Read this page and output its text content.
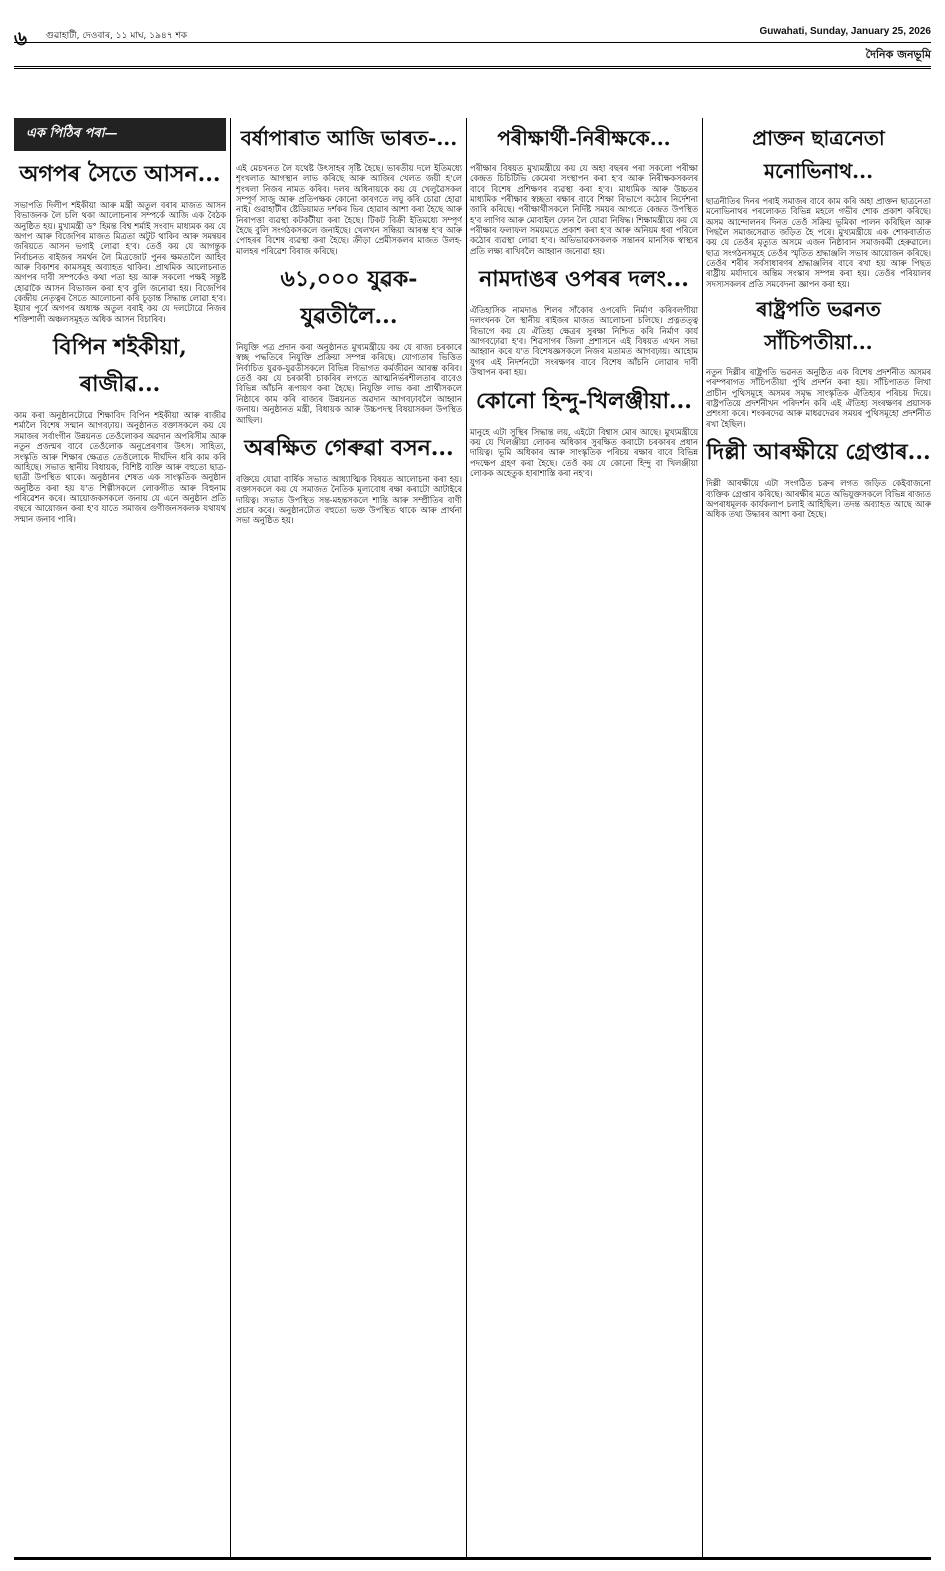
৬ গুৱাহাটী, দেওবাৰ, ১১ মাঘ, ১৯৪৭ শক	Guwahati, Sunday, January 25, 2026
দৈনিক জনভূমি
এক পিঠিৰ পৰা—
অগপৰ সৈতে আসন...

সভাপতি দিলীপ শইকীয়া আৰু মন্ত্ৰী অতুল বৰাৰ মাজত আসন বিভাজনক লৈ চলি থকা আলোচনাৰ সম্পৰ্কে আজি এক বৈঠক অনুষ্ঠিত হয়। মুখ্যমন্ত্ৰী ড° হিমন্ত বিশ্ব শৰ্মাই সংবাদ মাধ্যমক কয় যে অগপ আৰু বিজেপিৰ মাজত মিত্ৰতা অটুট থাকিব আৰু সমন্বয়ৰ জৰিয়তে আসন ভগাই লোৱা হ'ব। তেওঁ কয় যে আগন্তুক নিৰ্বাচনত ৰাইজৰ সমৰ্থন লৈ মিত্ৰজোট পুনৰ ক্ষমতালৈ আহিব আৰু বিকাশৰ কামসমূহ অব্যাহত থাকিব। প্ৰাথমিক আলোচনাত অগপৰ দাবী সম্পৰ্কেও কথা পতা হয় আৰু সকলো পক্ষই সন্তুষ্ট হোৱাকৈ আসন বিভাজন কৰা হ'ব বুলি জনোৱা হয়। বিজেপিৰ কেন্দ্ৰীয় নেতৃত্বৰ সৈতে আলোচনা কৰি চূড়ান্ত সিদ্ধান্ত লোৱা হ'ব। ইয়াৰ পূৰ্বে অগপৰ অধ্যক্ষ অতুল বৰাই কয় যে দলটোৱে নিজৰ শক্তিশালী অঞ্চলসমূহত অধিক আসন বিচাৰিব।

বিপিন শইকীয়া, ৰাজীৱ...

কাম কৰা অনুষ্ঠানটোৱে শিক্ষাবিদ বিপিন শইকীয়া আৰু ৰাজীৱ শৰ্মালৈ বিশেষ সন্মান আগবঢ়ায়। অনুষ্ঠানত বক্তাসকলে কয় যে সমাজৰ সৰ্বাংগীন উন্নয়নত তেওঁলোকৰ অৱদান অপৰিসীম আৰু নতুন প্ৰজন্মৰ বাবে তেওঁলোক অনুপ্ৰেৰণাৰ উৎস। সাহিত্য, সংস্কৃতি আৰু শিক্ষাৰ ক্ষেত্ৰত তেওঁলোকে দীৰ্ঘদিন ধৰি কাম কৰি আহিছে। সভাত স্থানীয় বিধায়ক, বিশিষ্ট ব্যক্তি আৰু বহুতো ছাত্ৰ-ছাত্ৰী উপস্থিত থাকে। অনুষ্ঠানৰ শেষত এক সাংস্কৃতিক অনুষ্ঠান অনুষ্ঠিত কৰা হয় য'ত শিল্পীসকলে লোকগীত আৰু বিহুনাম পৰিৱেশন কৰে। আয়োজকসকলে জনায় যে এনে অনুষ্ঠান প্ৰতি বছৰে আয়োজন কৰা হ'ব যাতে সমাজৰ গুণীজনসকলক যথাযথ সন্মান জনাব পাৰি।

বৰ্ষাপাৰাত আজি ভাৰত-...

এই মেচখনত লৈ যথেষ্ট উৎসাহৰ সৃষ্টি হৈছে। ভাৰতীয় দলে ইতিমধ্যে শৃংখলাত আগস্থান লাভ কৰিছে আৰু আজিৰ খেলত জয়ী হ'লে শৃংখলা নিজৰ নামত কৰিব। দলৰ অধিনায়কে কয় যে খেলুৱৈসকল সম্পূৰ্ণ সাজু আৰু প্ৰতিপক্ষক কোনো কাৰণতে লঘু কৰি চোৱা হোৱা নাই। গুৱাহাটীৰ ষ্টেডিয়ামত দৰ্শকৰ ভিৰ হোৱাৰ আশা কৰা হৈছে আৰু নিৰাপত্তা ব্যৱস্থা কটকটীয়া কৰা হৈছে। টিকট বিক্ৰী ইতিমধ্যে সম্পূৰ্ণ হৈছে বুলি সংগঠকসকলে জনাইছে। খেলখন সন্ধিয়া আৰম্ভ হ'ব আৰু পোহৰৰ বিশেষ ব্যৱস্থা কৰা হৈছে। ক্ৰীড়া প্ৰেমীসকলৰ মাজত উলহ-মালহৰ পৰিৱেশ বিৰাজ কৰিছে।

৬১,০০০ যুৱক-যুৱতীলৈ...

নিযুক্তি পত্ৰ প্ৰদান কৰা অনুষ্ঠানত মুখ্যমন্ত্ৰীয়ে কয় যে ৰাজ্য চৰকাৰে স্বচ্ছ পদ্ধতিৰে নিযুক্তি প্ৰক্ৰিয়া সম্পন্ন কৰিছে। যোগ্যতাৰ ভিত্তিত নিৰ্বাচিত যুৱক-যুৱতীসকলে বিভিন্ন বিভাগত কৰ্মজীৱন আৰম্ভ কৰিব। তেওঁ কয় যে চৰকাৰী চাকৰিৰ লগতে আত্মনিৰ্ভৰশীলতাৰ বাবেও বিভিন্ন আঁচনি ৰূপায়ণ কৰা হৈছে। নিযুক্তি লাভ কৰা প্ৰাৰ্থীসকলে নিষ্ঠাৰে কাম কৰি ৰাজ্যৰ উন্নয়নত অৱদান আগবঢ়াবলৈ আহ্বান জনায়। অনুষ্ঠানত মন্ত্ৰী, বিধায়ক আৰু উচ্চপদস্থ বিষয়াসকল উপস্থিত আছিল।

অৰক্ষিত গেৰুৱা বসন...

বক্তিয়ে যোৱা বাৰ্ষিক সভাত আধ্যাত্মিক বিষয়ত আলোচনা কৰা হয়। বক্তাসকলে কয় যে সমাজত নৈতিক মূল্যবোধ ৰক্ষা কৰাটো আটাইৰে দায়িত্ব। সভাত উপস্থিত সন্ত-মহন্তসকলে শান্তি আৰু সম্প্ৰীতিৰ বাণী প্ৰচাৰ কৰে। অনুষ্ঠানটোত বহুতো ভক্ত উপস্থিত থাকে আৰু প্ৰাৰ্থনা সভা অনুষ্ঠিত হয়।

পৰীক্ষাৰ্থী-নিৰীক্ষকে...

পৰীক্ষাৰ বিষয়ত মুখ্যমন্ত্ৰীয়ে কয় যে অহা বছৰৰ পৰা সকলো পৰীক্ষা কেন্দ্ৰত চিচিটিভি কেমেৰা সংস্থাপন কৰা হ'ব আৰু নিৰীক্ষকসকলৰ বাবে বিশেষ প্ৰশিক্ষণৰ ব্যৱস্থা কৰা হ'ব। মাধ্যমিক আৰু উচ্চতৰ মাধ্যমিক পৰীক্ষাৰ স্বচ্ছতা ৰক্ষাৰ বাবে শিক্ষা বিভাগে কঠোৰ নিৰ্দেশনা জাৰি কৰিছে। পৰীক্ষাৰ্থীসকলে নিৰ্দিষ্ট সময়ৰ আগতে কেন্দ্ৰত উপস্থিত হ'ব লাগিব আৰু মোবাইল ফোন লৈ যোৱা নিষিদ্ধ। শিক্ষামন্ত্ৰীয়ে কয় যে পৰীক্ষাৰ ফলাফল সময়মতে প্ৰকাশ কৰা হ'ব আৰু অনিয়ম ধৰা পৰিলে কঠোৰ ব্যৱস্থা লোৱা হ'ব। অভিভাৱকসকলক সন্তানৰ মানসিক স্বাস্থ্যৰ প্ৰতি লক্ষ্য ৰাখিবলৈ আহ্বান জনোৱা হয়।

নামদাঙৰ ওপৰৰ দলং...

ঐতিহাসিক নামদাঙ শিলৰ সাঁকোৰ ওপৰেদি নিৰ্মাণ কৰিবলগীয়া দলংখনক লৈ স্থানীয় ৰাইজৰ মাজত আলোচনা চলিছে। প্ৰত্নতত্ত্ব বিভাগে কয় যে ঐতিহ্য ক্ষেত্ৰৰ সুৰক্ষা নিশ্চিত কৰি নিৰ্মাণ কাৰ্য আগবঢ়োৱা হ'ব। শিৱসাগৰ জিলা প্ৰশাসনে এই বিষয়ত এখন সভা আহ্বান কৰে য'ত বিশেষজ্ঞসকলে নিজৰ মতামত আগবঢ়ায়। আহোম যুগৰ এই নিদৰ্শনটো সংৰক্ষণৰ বাবে বিশেষ আঁচনি লোৱাৰ দাবী উত্থাপন কৰা হয়।

কোনো হিন্দু-খিলঞ্জীয়া...

মানুহে এটা সুস্থিৰ সিদ্ধান্ত লয়, এইটো বিশ্বাস মোৰ আছে। মুখ্যমন্ত্ৰীয়ে কয় যে খিলঞ্জীয়া লোকৰ অধিকাৰ সুৰক্ষিত কৰাটো চৰকাৰৰ প্ৰধান দায়িত্ব। ভূমি অধিকাৰ আৰু সাংস্কৃতিক পৰিচয় ৰক্ষাৰ বাবে বিভিন্ন পদক্ষেপ গ্ৰহণ কৰা হৈছে। তেওঁ কয় যে কোনো হিন্দু বা খিলঞ্জীয়া লোকক অহেতুক হাৰাশাস্তি কৰা নহ'ব।

প্ৰাক্তন ছাত্ৰনেতা মনোভিনাথ...

ছাত্ৰনীতিৰ দিনৰ পৰাই সমাজৰ বাবে কাম কৰি অহা প্ৰাক্তন ছাত্ৰনেতা মনোভিনাথৰ পৰলোকত বিভিন্ন মহলে গভীৰ শোক প্ৰকাশ কৰিছে। অসম আন্দোলনৰ দিনত তেওঁ সক্ৰিয় ভূমিকা পালন কৰিছিল আৰু পিছলৈ সমাজসেৱাত জড়িত হৈ পৰে। মুখ্যমন্ত্ৰীয়ে এক শোকবাৰ্তাত কয় যে তেওঁৰ মৃত্যুত অসমে এজন নিষ্ঠাবান সমাজকৰ্মী হেৰুৱালে। ছাত্ৰ সংগঠনসমূহে তেওঁৰ স্মৃতিত শ্ৰদ্ধাঞ্জলি সভাৰ আয়োজন কৰিছে। তেওঁৰ শৰীৰ সৰ্বসাধাৰণৰ শ্ৰদ্ধাঞ্জলিৰ বাবে ৰখা হয় আৰু পিছত ৰাষ্ট্ৰীয় মৰ্যাদাৰে অন্তিম সংস্কাৰ সম্পন্ন কৰা হয়। তেওঁৰ পৰিয়ালৰ সদস্যসকলৰ প্ৰতি সমবেদনা জ্ঞাপন কৰা হয়।

ৰাষ্ট্ৰপতি ভৱনত সাঁচিপতীয়া...

নতুন দিল্লীৰ ৰাষ্ট্ৰপতি ভৱনত অনুষ্ঠিত এক বিশেষ প্ৰদৰ্শনীত অসমৰ পৰম্পৰাগত সাঁচিপতীয়া পুথি প্ৰদৰ্শন কৰা হয়। সাঁচিপাতত লিখা প্ৰাচীন পুথিসমূহে অসমৰ সমৃদ্ধ সাংস্কৃতিক ঐতিহ্যৰ পৰিচয় দিয়ে। ৰাষ্ট্ৰপতিয়ে প্ৰদৰ্শনীখন পৰিদৰ্শন কৰি এই ঐতিহ্য সংৰক্ষণৰ প্ৰয়াসক প্ৰশংসা কৰে। শংকৰদেৱ আৰু মাধৱদেৱৰ সময়ৰ পুথিসমূহো প্ৰদৰ্শনীত ৰখা হৈছিল।

দিল্লী আৰক্ষীয়ে গ্ৰেপ্তাৰ...

দিল্লী আৰক্ষীয়ে এটা সংগঠিত চক্ৰৰ লগত জড়িত কেইবাজনো ব্যক্তিক গ্ৰেপ্তাৰ কৰিছে। আৰক্ষীৰ মতে অভিযুক্তসকলে বিভিন্ন ৰাজ্যত অপৰাধমূলক কাৰ্যকলাপ চলাই আহিছিল। তদন্ত অব্যাহত আছে আৰু অধিক তথ্য উদ্ধাৰৰ আশা কৰা হৈছে।
